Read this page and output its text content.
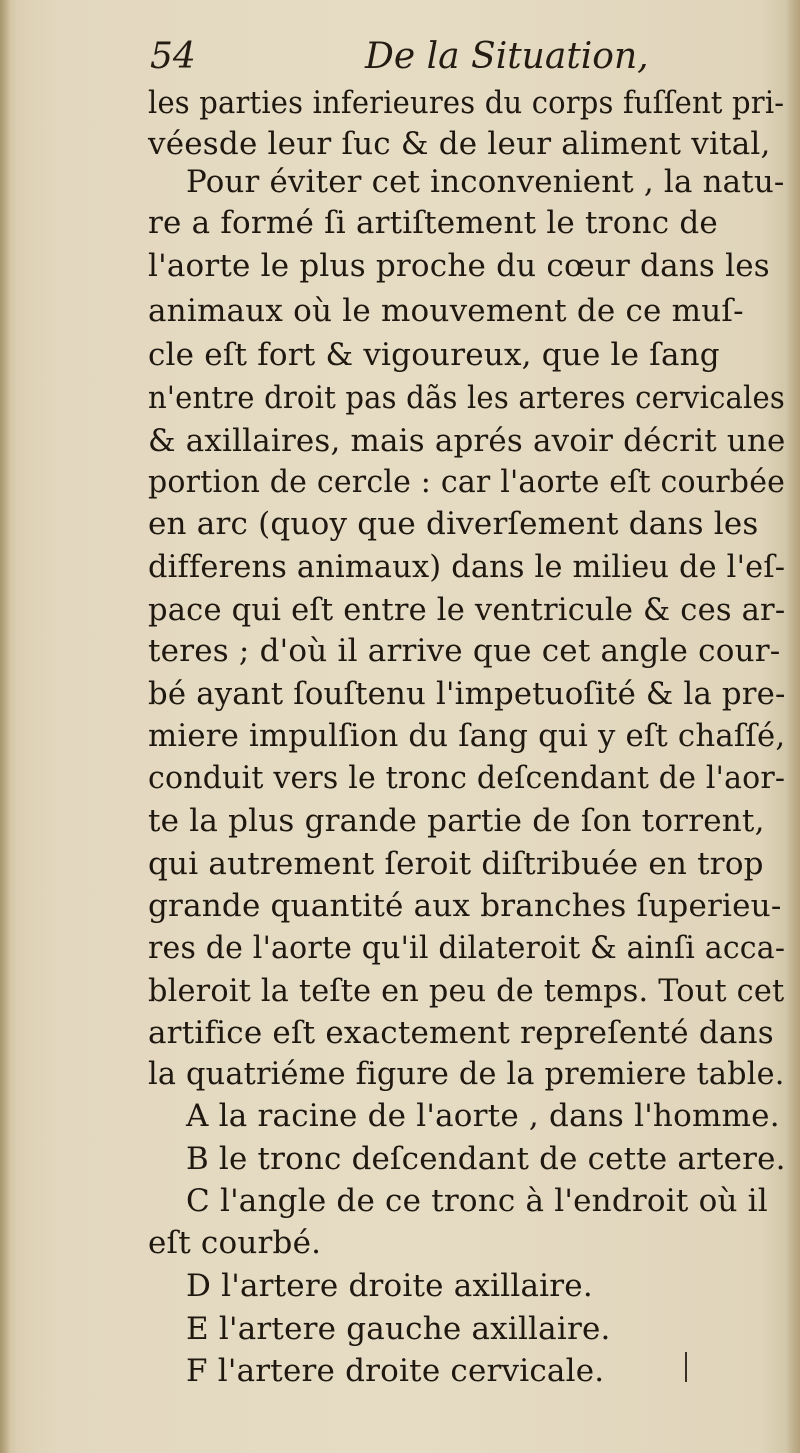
54	De la Situation,
les parties inferieures du corps fuſſent pri-
véesde leur ſuc & de leur aliment vital,
Pour éviter cet inconvenient , la natu-
re a formé ſi artiſtement le tronc de
l'aorte le plus proche du cœur dans les
animaux où le mouvement de ce muſ-
cle eſt fort & vigoureux, que le ſang
n'entre droit pas dãs les arteres cervicales
& axillaires, mais aprés avoir décrit une
portion de cercle : car l'aorte eſt courbée
en arc (quoy que diverſement dans les
differens animaux) dans le milieu de l'eſ-
pace qui eſt entre le ventricule & ces ar-
teres ; d'où il arrive que cet angle cour-
bé ayant ſouſtenu l'impetuoſité & la pre-
miere impulſion du ſang qui y eſt chaſſé,
conduit vers le tronc deſcendant de l'aor-
te la plus grande partie de ſon torrent,
qui autrement ſeroit diſtribuée en trop
grande quantité aux branches ſuperieu-
res de l'aorte qu'il dilateroit & ainſi acca-
bleroit la teſte en peu de temps. Tout cet
artifice eſt exactement repreſenté dans
la quatriéme figure de la premiere table.
A la racine de l'aorte , dans l'homme.
B le tronc deſcendant de cette artere.
C l'angle de ce tronc à l'endroit où il
eſt courbé.
D l'artere droite axillaire.
E l'artere gauche axillaire.
F l'artere droite cervicale.
